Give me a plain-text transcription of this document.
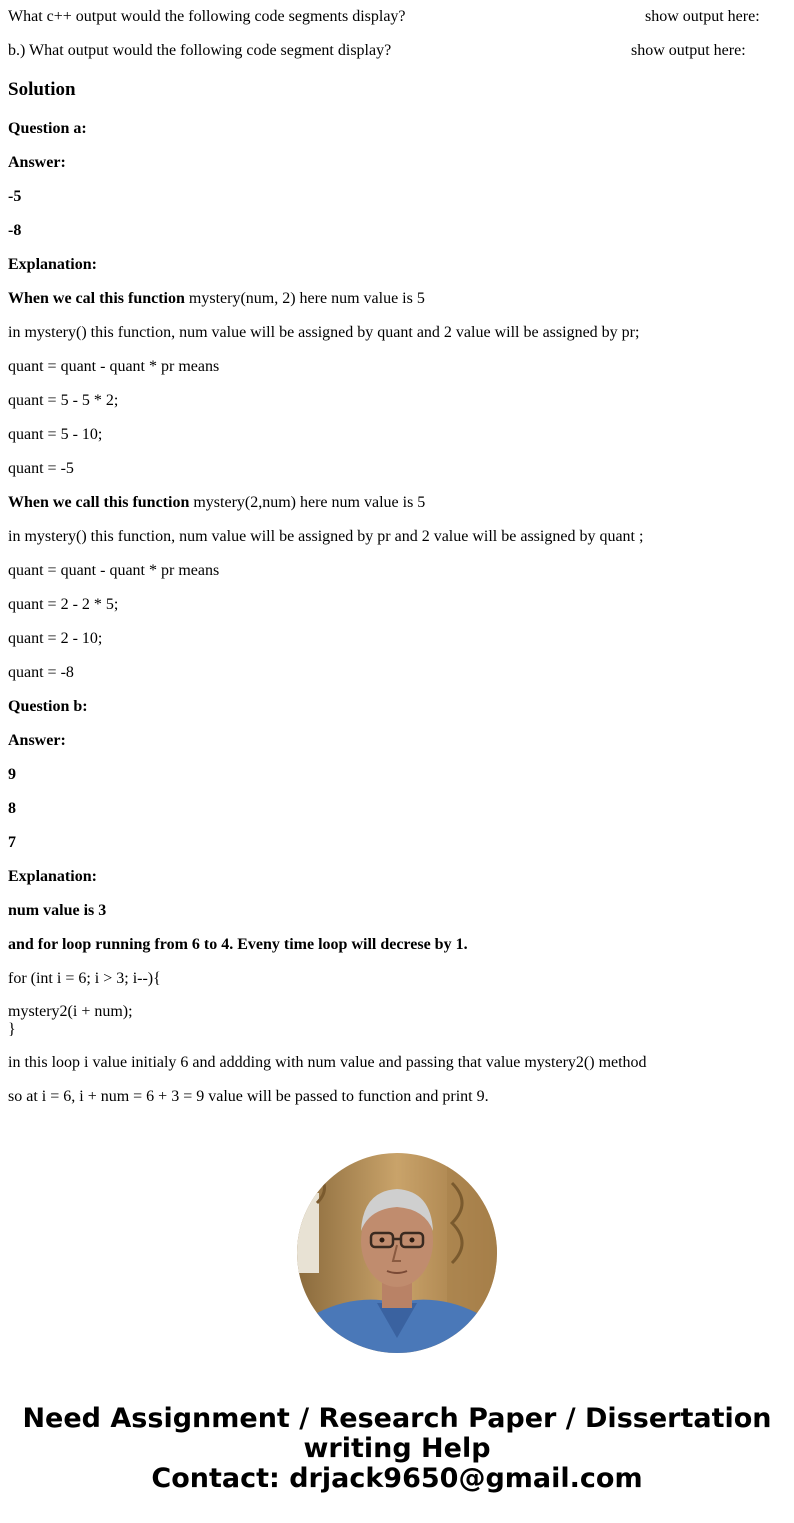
What c++ output would the following code segments display?	show output here:
b.) What output would the following code segment display?	show output here:
Solution
Question a:
Answer:
-5
-8
Explanation:
When we cal this function mystery(num, 2) here num value is 5
in mystery() this function, num value will be assigned by quant and 2 value will be assigned by pr;
quant = quant - quant * pr means
quant = 5 - 5 * 2;
quant = 5 - 10;
quant = -5
When we call this function mystery(2,num) here num value is 5
in mystery() this function, num value will be assigned by pr and 2 value will be assigned by quant ;
quant = quant - quant * pr means
quant = 2 - 2 * 5;
quant = 2 - 10;
quant = -8
Question b:
Answer:
9
8
7
Explanation:
num value is 3
and for loop running from 6 to 4. Eveny time loop will decrese by 1.
for (int i = 6; i > 3; i--){
mystery2(i + num);
}
in this loop i value initialy 6 and addding with num value and passing that value mystery2() method
so at i = 6, i + num = 6 + 3 = 9 value will be passed to function and print 9.
Need Assignment / Research Paper / Dissertation
writing Help
Contact: drjack9650@gmail.com
